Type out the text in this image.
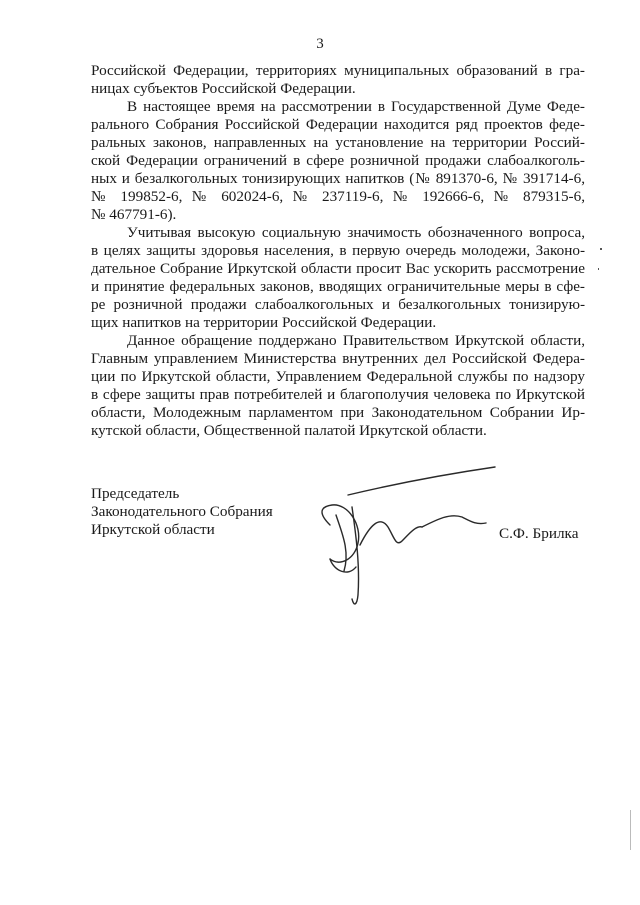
3
Российской Федерации, территориях муниципальных образований в гра-
ницах субъектов Российской Федерации.
В настоящее время на рассмотрении в Государственной Думе Феде-
рального Собрания Российской Федерации находится ряд проектов феде-
ральных законов, направленных на установление на территории Россий-
ской Федерации ограничений в сфере розничной продажи слабоалкоголь-
ных и безалкогольных тонизирующих напитков (№ 891370-6, № 391714-6,
№ 199852-6, № 602024-6, № 237119-6, № 192666-6, № 879315-6,
№ 467791-6).
Учитывая высокую социальную значимость обозначенного вопроса,
в целях защиты здоровья населения, в первую очередь молодежи, Законо-
дательное Собрание Иркутской области просит Вас ускорить рассмотрение
и принятие федеральных законов, вводящих ограничительные меры в сфе-
ре розничной продажи слабоалкогольных и безалкогольных тонизирую-
щих напитков на территории Российской Федерации.
Данное обращение поддержано Правительством Иркутской области,
Главным управлением Министерства внутренних дел Российской Федера-
ции по Иркутской области, Управлением Федеральной службы по надзору
в сфере защиты прав потребителей и благополучия человека по Иркутской
области, Молодежным парламентом при Законодательном Собрании Ир-
кутской области, Общественной палатой Иркутской области.
Председатель
Законодательного Собрания
Иркутской области	С.Ф. Брилка
